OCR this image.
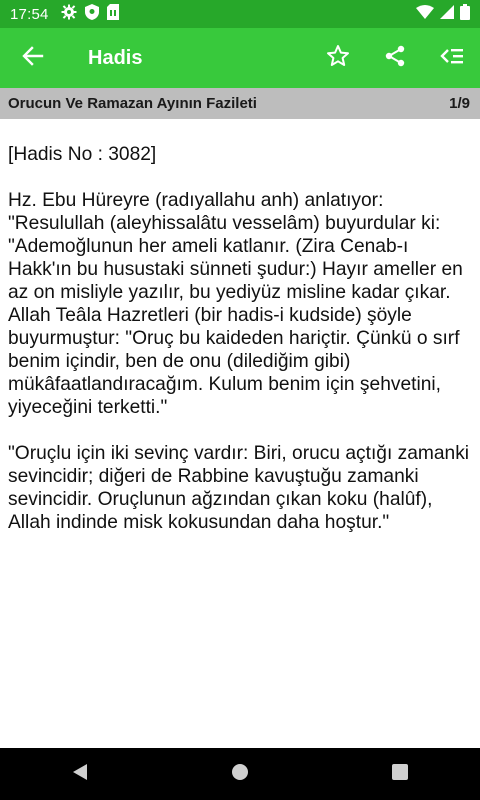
17:54
Hadis
Orucun Ve Ramazan Ayının Fazileti	1/9

[Hadis No : 3082]

Hz. Ebu Hüreyre (radıyallahu anh) anlatıyor: "Resulullah (aleyhissalâtu vesselâm) buyurdular ki: "Ademoğlunun her ameli katlanır. (Zira Cenab-ı Hakk'ın bu husustaki sünneti şudur:) Hayır ameller en az on misliyle yazılır, bu yediyüz misline kadar çıkar. Allah Teâla Hazretleri (bir hadis-i kudside) şöyle buyurmuştur: "Oruç bu kaideden hariçtir. Çünkü o sırf benim içindir, ben de onu (dilediğim gibi) mükâfaatlandıracağım. Kulum benim için şehvetini, yiyeceğini terketti."

"Oruçlu için iki sevinç vardır: Biri, orucu açtığı zamanki sevincidir; diğeri de Rabbine kavuştuğu zamanki sevincidir. Oruçlunun ağzından çıkan koku (halûf), Allah indinde misk kokusundan daha hoştur."
